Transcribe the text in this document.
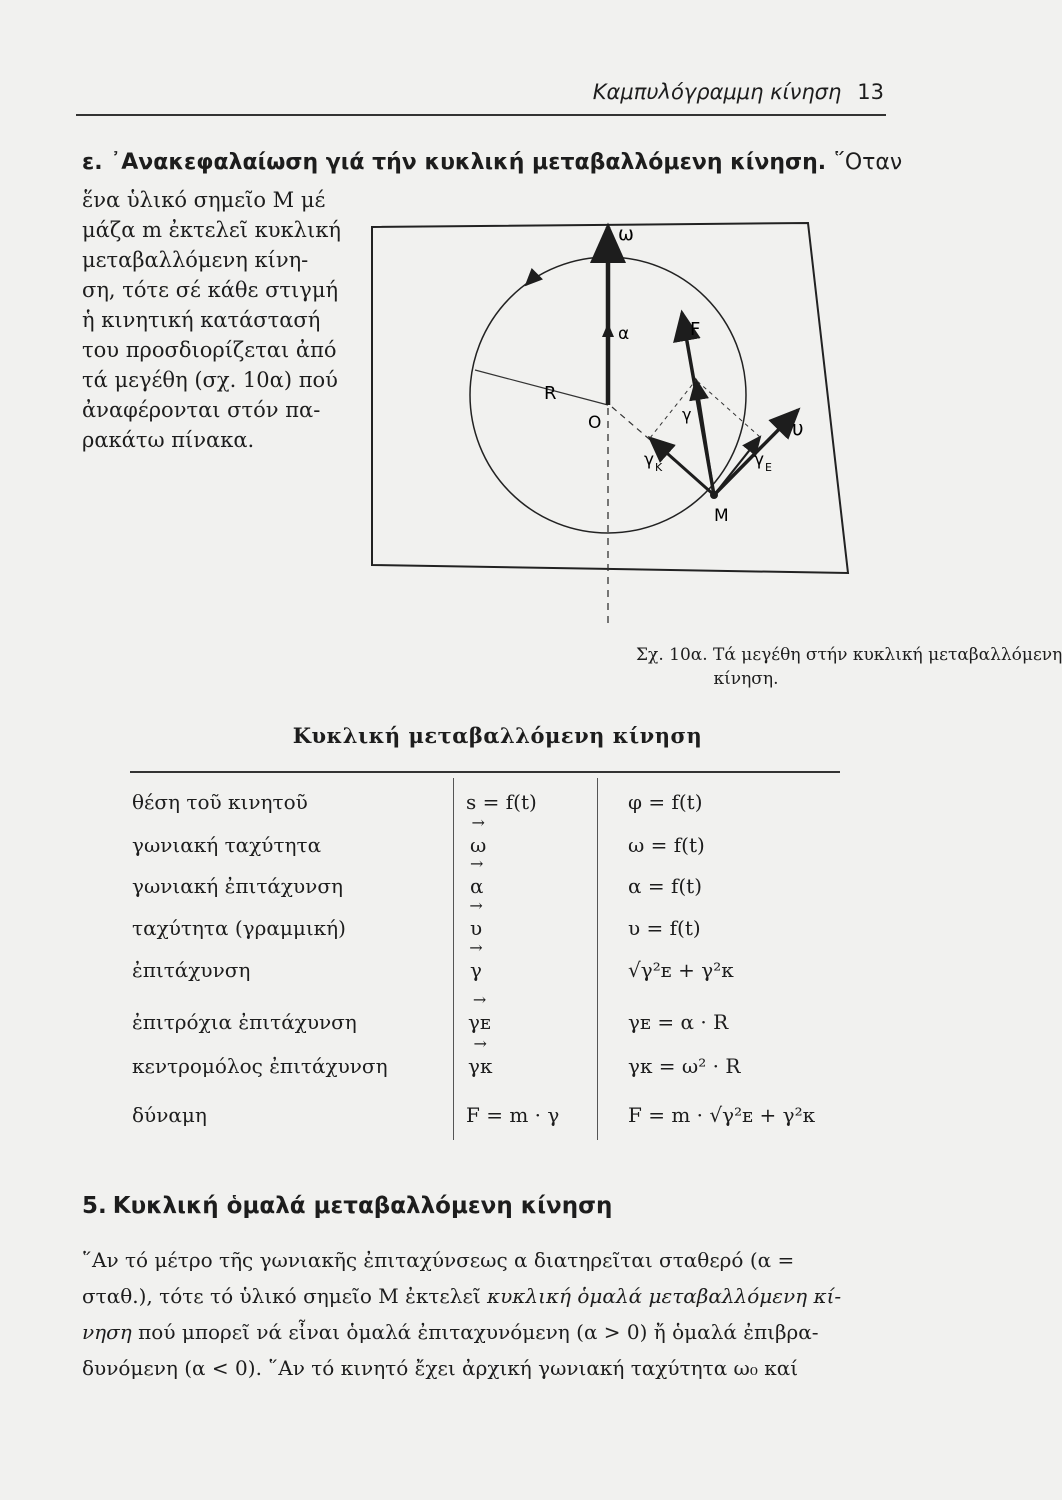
Καμπυλόγραμμη κίνηση 13
ε. ᾿Ανακεφαλαίωση γιά τήν κυκλική μεταβαλλόμενη κίνηση. ῞Οταν
ἕνα ὑλικό σημεῖο Μ μέ
μάζα m ἐκτελεῖ κυκλική
μεταβαλλόμενη κίνη-
ση, τότε σέ κάθε στιγμή
ἡ κινητική κατάστασή
του προσδιορίζεται ἀπό
τά μεγέθη (σχ. 10α) πού
ἀναφέρονται στόν πα-
ρακάτω πίνακα.
ω
α	F
R
O	γ
υ
γ K	γ E
M
Σχ. 10α. Τά μεγέθη στήν κυκλική μεταβαλλόμενη
κίνηση.
Κυκλική μεταβαλλόμενη κίνηση
θέση τοῦ κινητοῦ	s = f(t)	φ = f(t)
γωνιακή ταχύτητα	→ ω	ω = f(t)
γωνιακή ἐπιτάχυνση	→ α	α = f(t)
ταχύτητα (γραμμική)	→ υ	υ = f(t)
ἐπιτάχυνση	→ γ	√γ²ᴇ + γ²ᴋ
ἐπιτρόχια ἐπιτάχυνση	→ γᴇ	γᴇ = α · R
κεντρομόλος ἐπιτάχυνση	→ γᴋ	γᴋ = ω² · R
δύναμη	F = m · γ	F = m · √γ²ᴇ + γ²ᴋ
5. Κυκλική ὁμαλά μεταβαλλόμενη κίνηση
῞Αν τό μέτρο τῆς γωνιακῆς ἐπιταχύνσεως α διατηρεῖται σταθερό (α =
σταθ.), τότε τό ὑλικό σημεῖο Μ ἐκτελεῖ κυκλική ὁμαλά μεταβαλλόμενη κί-
νηση πού μπορεῖ νά εἶναι ὁμαλά ἐπιταχυνόμενη (α > 0) ἤ ὁμαλά ἐπιβρα-
δυνόμενη (α < 0). ῞Αν τό κινητό ἔχει ἀρχική γωνιακή ταχύτητα ω₀ καί
